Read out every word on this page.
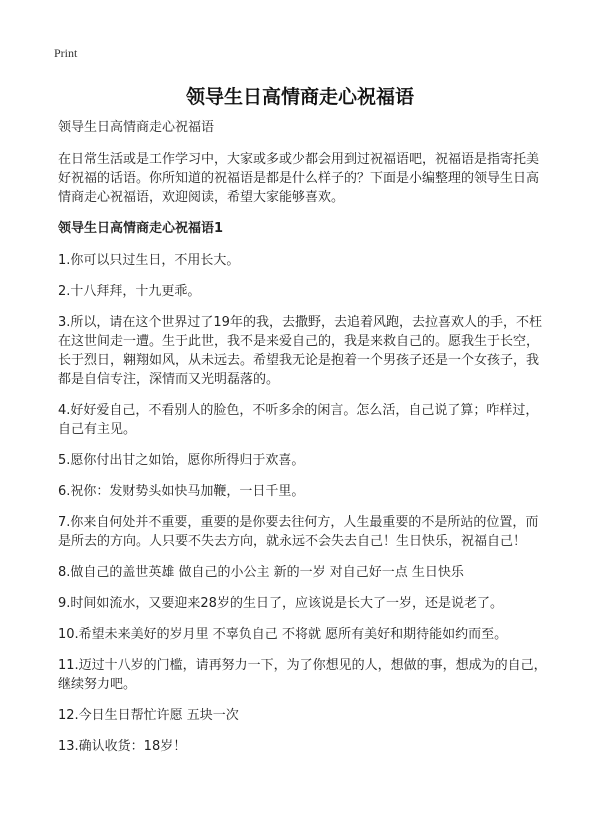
Print
领导生日高情商走心祝福语

领导生日高情商走心祝福语

在日常生活或是工作学习中，大家或多或少都会用到过祝福语吧，祝福语是指寄托美好祝福的话语。你所知道的祝福语是都是什么样子的？下面是小编整理的领导生日高情商走心祝福语，欢迎阅读，希望大家能够喜欢。

领导生日高情商走心祝福语1

1.你可以只过生日，不用长大。

2.十八拜拜，十九更乖。

3.所以，请在这个世界过了19年的我，去撒野，去追着风跑，去拉喜欢人的手，不枉在这世间走一遭。生于此世，我不是来爱自己的，我是来救自己的。愿我生于长空，长于烈日，翱翔如风，从未远去。希望我无论是抱着一个男孩子还是一个女孩子，我都是自信专注，深情而又光明磊落的。

4.好好爱自己，不看别人的脸色，不听多余的闲言。怎么活，自己说了算；咋样过，自己有主见。

5.愿你付出甘之如饴，愿你所得归于欢喜。

6.祝你：发财势头如快马加鞭，一日千里。

7.你来自何处并不重要，重要的是你要去往何方，人生最重要的不是所站的位置，而是所去的方向。人只要不失去方向，就永远不会失去自己！生日快乐，祝福自己！

8.做自己的盖世英雄 做自己的小公主 新的一岁 对自己好一点 生日快乐

9.时间如流水，又要迎来28岁的生日了，应该说是长大了一岁，还是说老了。

10.希望未来美好的岁月里 不辜负自己 不将就 愿所有美好和期待能如约而至。

11.迈过十八岁的门槛，请再努力一下，为了你想见的人，想做的事，想成为的自己，继续努力吧。

12.今日生日帮忙许愿 五块一次

13.确认收货：18岁！
